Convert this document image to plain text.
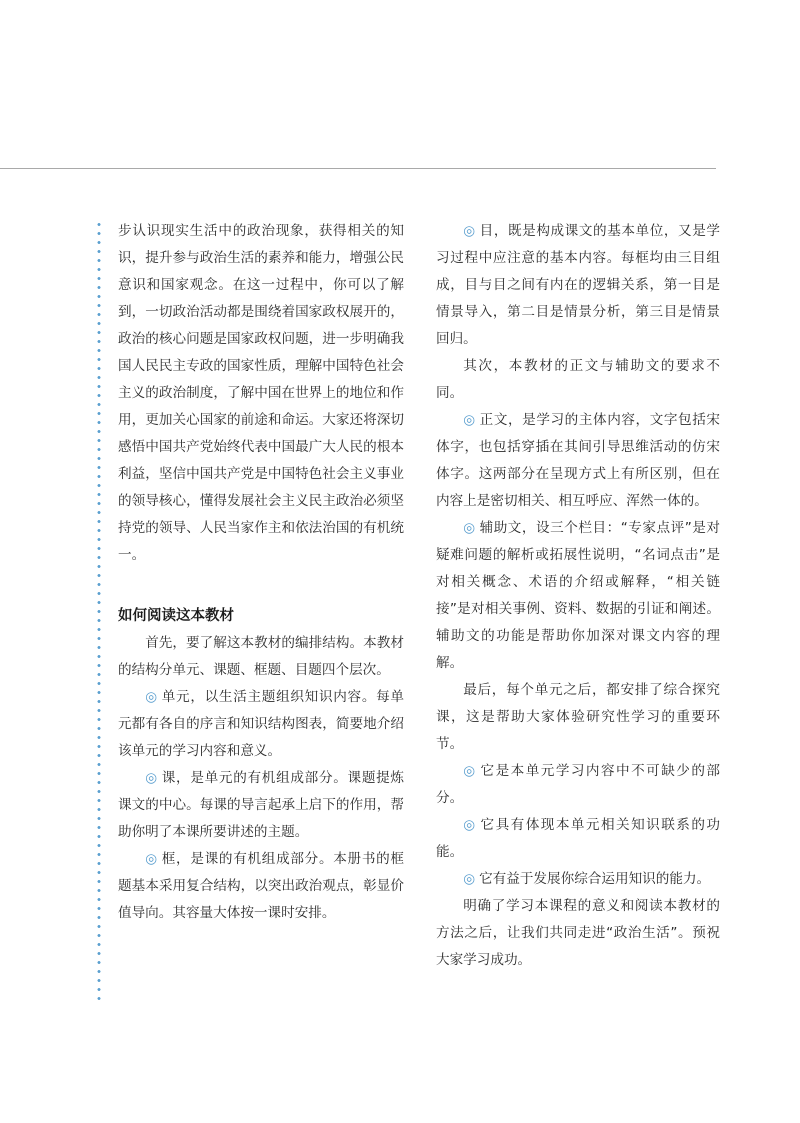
步认识现实生活中的政治现象，获得相关的知识，提升参与政治生活的素养和能力，增强公民意识和国家观念。在这一过程中，你可以了解到，一切政治活动都是围绕着国家政权展开的，政治的核心问题是国家政权问题，进一步明确我国人民民主专政的国家性质，理解中国特色社会主义的政治制度，了解中国在世界上的地位和作用，更加关心国家的前途和命运。大家还将深切感悟中国共产党始终代表中国最广大人民的根本利益，坚信中国共产党是中国特色社会主义事业的领导核心，懂得发展社会主义民主政治必须坚持党的领导、人民当家作主和依法治国的有机统一。

如何阅读这本教材

首先，要了解这本教材的编排结构。本教材的结构分单元、课题、框题、目题四个层次。

◎ 单元，以生活主题组织知识内容。每单元都有各自的序言和知识结构图表，简要地介绍该单元的学习内容和意义。

◎ 课，是单元的有机组成部分。课题提炼课文的中心。每课的导言起承上启下的作用，帮助你明了本课所要讲述的主题。

◎ 框，是课的有机组成部分。本册书的框题基本采用复合结构，以突出政治观点，彰显价值导向。其容量大体按一课时安排。

◎ 目，既是构成课文的基本单位，又是学习过程中应注意的基本内容。每框均由三目组成，目与目之间有内在的逻辑关系，第一目是情景导入，第二目是情景分析，第三目是情景回归。

其次，本教材的正文与辅助文的要求不同。

◎ 正文，是学习的主体内容，文字包括宋体字，也包括穿插在其间引导思维活动的仿宋体字。这两部分在呈现方式上有所区别，但在内容上是密切相关、相互呼应、浑然一体的。

◎ 辅助文，设三个栏目：“专家点评”是对疑难问题的解析或拓展性说明，“名词点击”是对相关概念、术语的介绍或解释，“相关链接”是对相关事例、资料、数据的引证和阐述。辅助文的功能是帮助你加深对课文内容的理解。

最后，每个单元之后，都安排了综合探究课，这是帮助大家体验研究性学习的重要环节。

◎ 它是本单元学习内容中不可缺少的部分。

◎ 它具有体现本单元相关知识联系的功能。

◎ 它有益于发展你综合运用知识的能力。

明确了学习本课程的意义和阅读本教材的方法之后，让我们共同走进“政治生活”。预祝大家学习成功。
